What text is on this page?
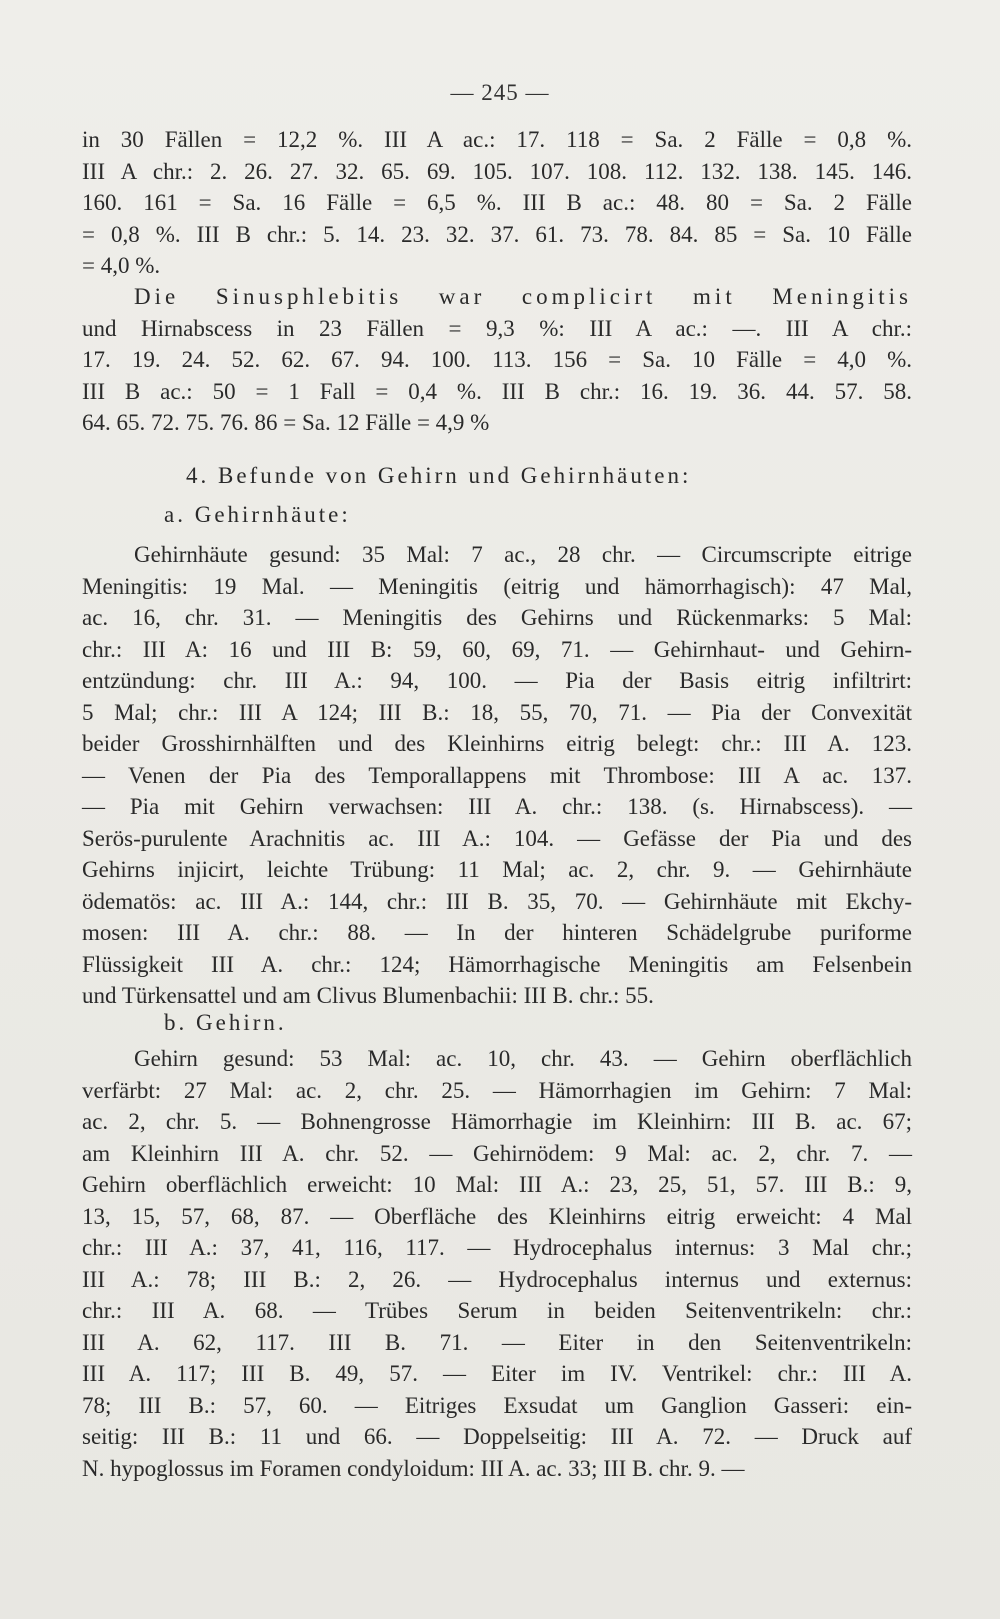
— 245 —
in 30 Fällen = 12,2 %. III A ac.: 17. 118 = Sa. 2 Fälle = 0,8 %.
III A chr.: 2. 26. 27. 32. 65. 69. 105. 107. 108. 112. 132. 138. 145. 146.
160. 161 = Sa. 16 Fälle = 6,5 %. III B ac.: 48. 80 = Sa. 2 Fälle
= 0,8 %. III B chr.: 5. 14. 23. 32. 37. 61. 73. 78. 84. 85 = Sa. 10 Fälle
= 4,0 %.
Die Sinusphlebitis war complicirt mit Meningitis
und Hirnabscess in 23 Fällen = 9,3 %: III A ac.: —. III A chr.:
17. 19. 24. 52. 62. 67. 94. 100. 113. 156 = Sa. 10 Fälle = 4,0 %.
III B ac.: 50 = 1 Fall = 0,4 %. III B chr.: 16. 19. 36. 44. 57. 58.
64. 65. 72. 75. 76. 86 = Sa. 12 Fälle = 4,9 %
4. Befunde von Gehirn und Gehirnhäuten:
a. Gehirnhäute:
Gehirnhäute gesund: 35 Mal: 7 ac., 28 chr. — Circumscripte eitrige
Meningitis: 19 Mal. — Meningitis (eitrig und hämorrhagisch): 47 Mal,
ac. 16, chr. 31. — Meningitis des Gehirns und Rückenmarks: 5 Mal:
chr.: III A: 16 und III B: 59, 60, 69, 71. — Gehirnhaut- und Gehirn-
entzündung: chr. III A.: 94, 100. — Pia der Basis eitrig infiltrirt:
5 Mal; chr.: III A 124; III B.: 18, 55, 70, 71. — Pia der Convexität
beider Grosshirnhälften und des Kleinhirns eitrig belegt: chr.: III A. 123.
— Venen der Pia des Temporallappens mit Thrombose: III A ac. 137.
— Pia mit Gehirn verwachsen: III A. chr.: 138. (s. Hirnabscess). —
Serös-purulente Arachnitis ac. III A.: 104. — Gefässe der Pia und des
Gehirns injicirt, leichte Trübung: 11 Mal; ac. 2, chr. 9. — Gehirnhäute
ödematös: ac. III A.: 144, chr.: III B. 35, 70. — Gehirnhäute mit Ekchy-
mosen: III A. chr.: 88. — In der hinteren Schädelgrube puriforme
Flüssigkeit III A. chr.: 124; Hämorrhagische Meningitis am Felsenbein
und Türkensattel und am Clivus Blumenbachii: III B. chr.: 55.
b. Gehirn.
Gehirn gesund: 53 Mal: ac. 10, chr. 43. — Gehirn oberflächlich
verfärbt: 27 Mal: ac. 2, chr. 25. — Hämorrhagien im Gehirn: 7 Mal:
ac. 2, chr. 5. — Bohnengrosse Hämorrhagie im Kleinhirn: III B. ac. 67;
am Kleinhirn III A. chr. 52. — Gehirnödem: 9 Mal: ac. 2, chr. 7. —
Gehirn oberflächlich erweicht: 10 Mal: III A.: 23, 25, 51, 57. III B.: 9,
13, 15, 57, 68, 87. — Oberfläche des Kleinhirns eitrig erweicht: 4 Mal
chr.: III A.: 37, 41, 116, 117. — Hydrocephalus internus: 3 Mal chr.;
III A.: 78; III B.: 2, 26. — Hydrocephalus internus und externus:
chr.: III A. 68. — Trübes Serum in beiden Seitenventrikeln: chr.:
III A. 62, 117. III B. 71. — Eiter in den Seitenventrikeln:
III A. 117; III B. 49, 57. — Eiter im IV. Ventrikel: chr.: III A.
78; III B.: 57, 60. — Eitriges Exsudat um Ganglion Gasseri: ein-
seitig: III B.: 11 und 66. — Doppelseitig: III A. 72. — Druck auf
N. hypoglossus im Foramen condyloidum: III A. ac. 33; III B. chr. 9. —
